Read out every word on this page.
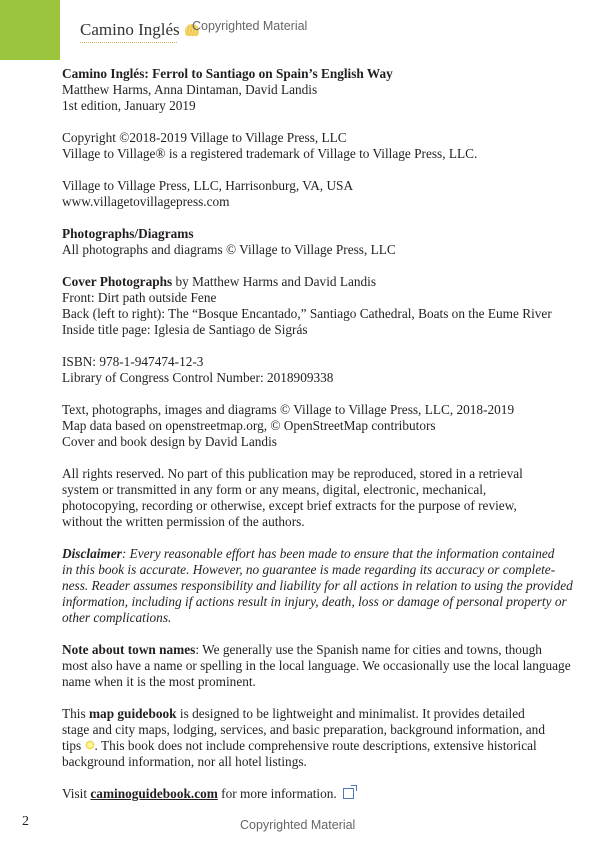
Camino Inglés Copyrighted Material
Camino Inglés: Ferrol to Santiago on Spain’s English Way
Matthew Harms, Anna Dintaman, David Landis
1st edition, January 2019
Copyright ©2018-2019 Village to Village Press, LLC
Village to Village® is a registered trademark of Village to Village Press, LLC.
Village to Village Press, LLC, Harrisonburg, VA, USA
www.villagetovillagepress.com
Photographs/Diagrams
All photographs and diagrams © Village to Village Press, LLC
Cover Photographs by Matthew Harms and David Landis
Front: Dirt path outside Fene
Back (left to right): The “Bosque Encantado,” Santiago Cathedral, Boats on the Eume River
Inside title page: Iglesia de Santiago de Sigrás
ISBN: 978-1-947474-12-3
Library of Congress Control Number: 2018909338
Text, photographs, images and diagrams © Village to Village Press, LLC, 2018-2019
Map data based on openstreetmap.org, © OpenStreetMap contributors
Cover and book design by David Landis
All rights reserved. No part of this publication may be reproduced, stored in a retrieval
system or transmitted in any form or any means, digital, electronic, mechanical,
photocopying, recording or otherwise, except brief extracts for the purpose of review,
without the written permission of the authors.
Disclaimer: Every reasonable effort has been made to ensure that the information contained
in this book is accurate. However, no guarantee is made regarding its accuracy or complete-
ness. Reader assumes responsibility and liability for all actions in relation to using the provided
information, including if actions result in injury, death, loss or damage of personal property or
other complications.
Note about town names: We generally use the Spanish name for cities and towns, though
most also have a name or spelling in the local language. We occasionally use the local language
name when it is the most prominent.
This map guidebook is designed to be lightweight and minimalist. It provides detailed
stage and city maps, lodging, services, and basic preparation, background information, and
tips . This book does not include comprehensive route descriptions, extensive historical
background information, nor all hotel listings.
Visit caminoguidebook.com for more information.
2	Copyrighted Material
